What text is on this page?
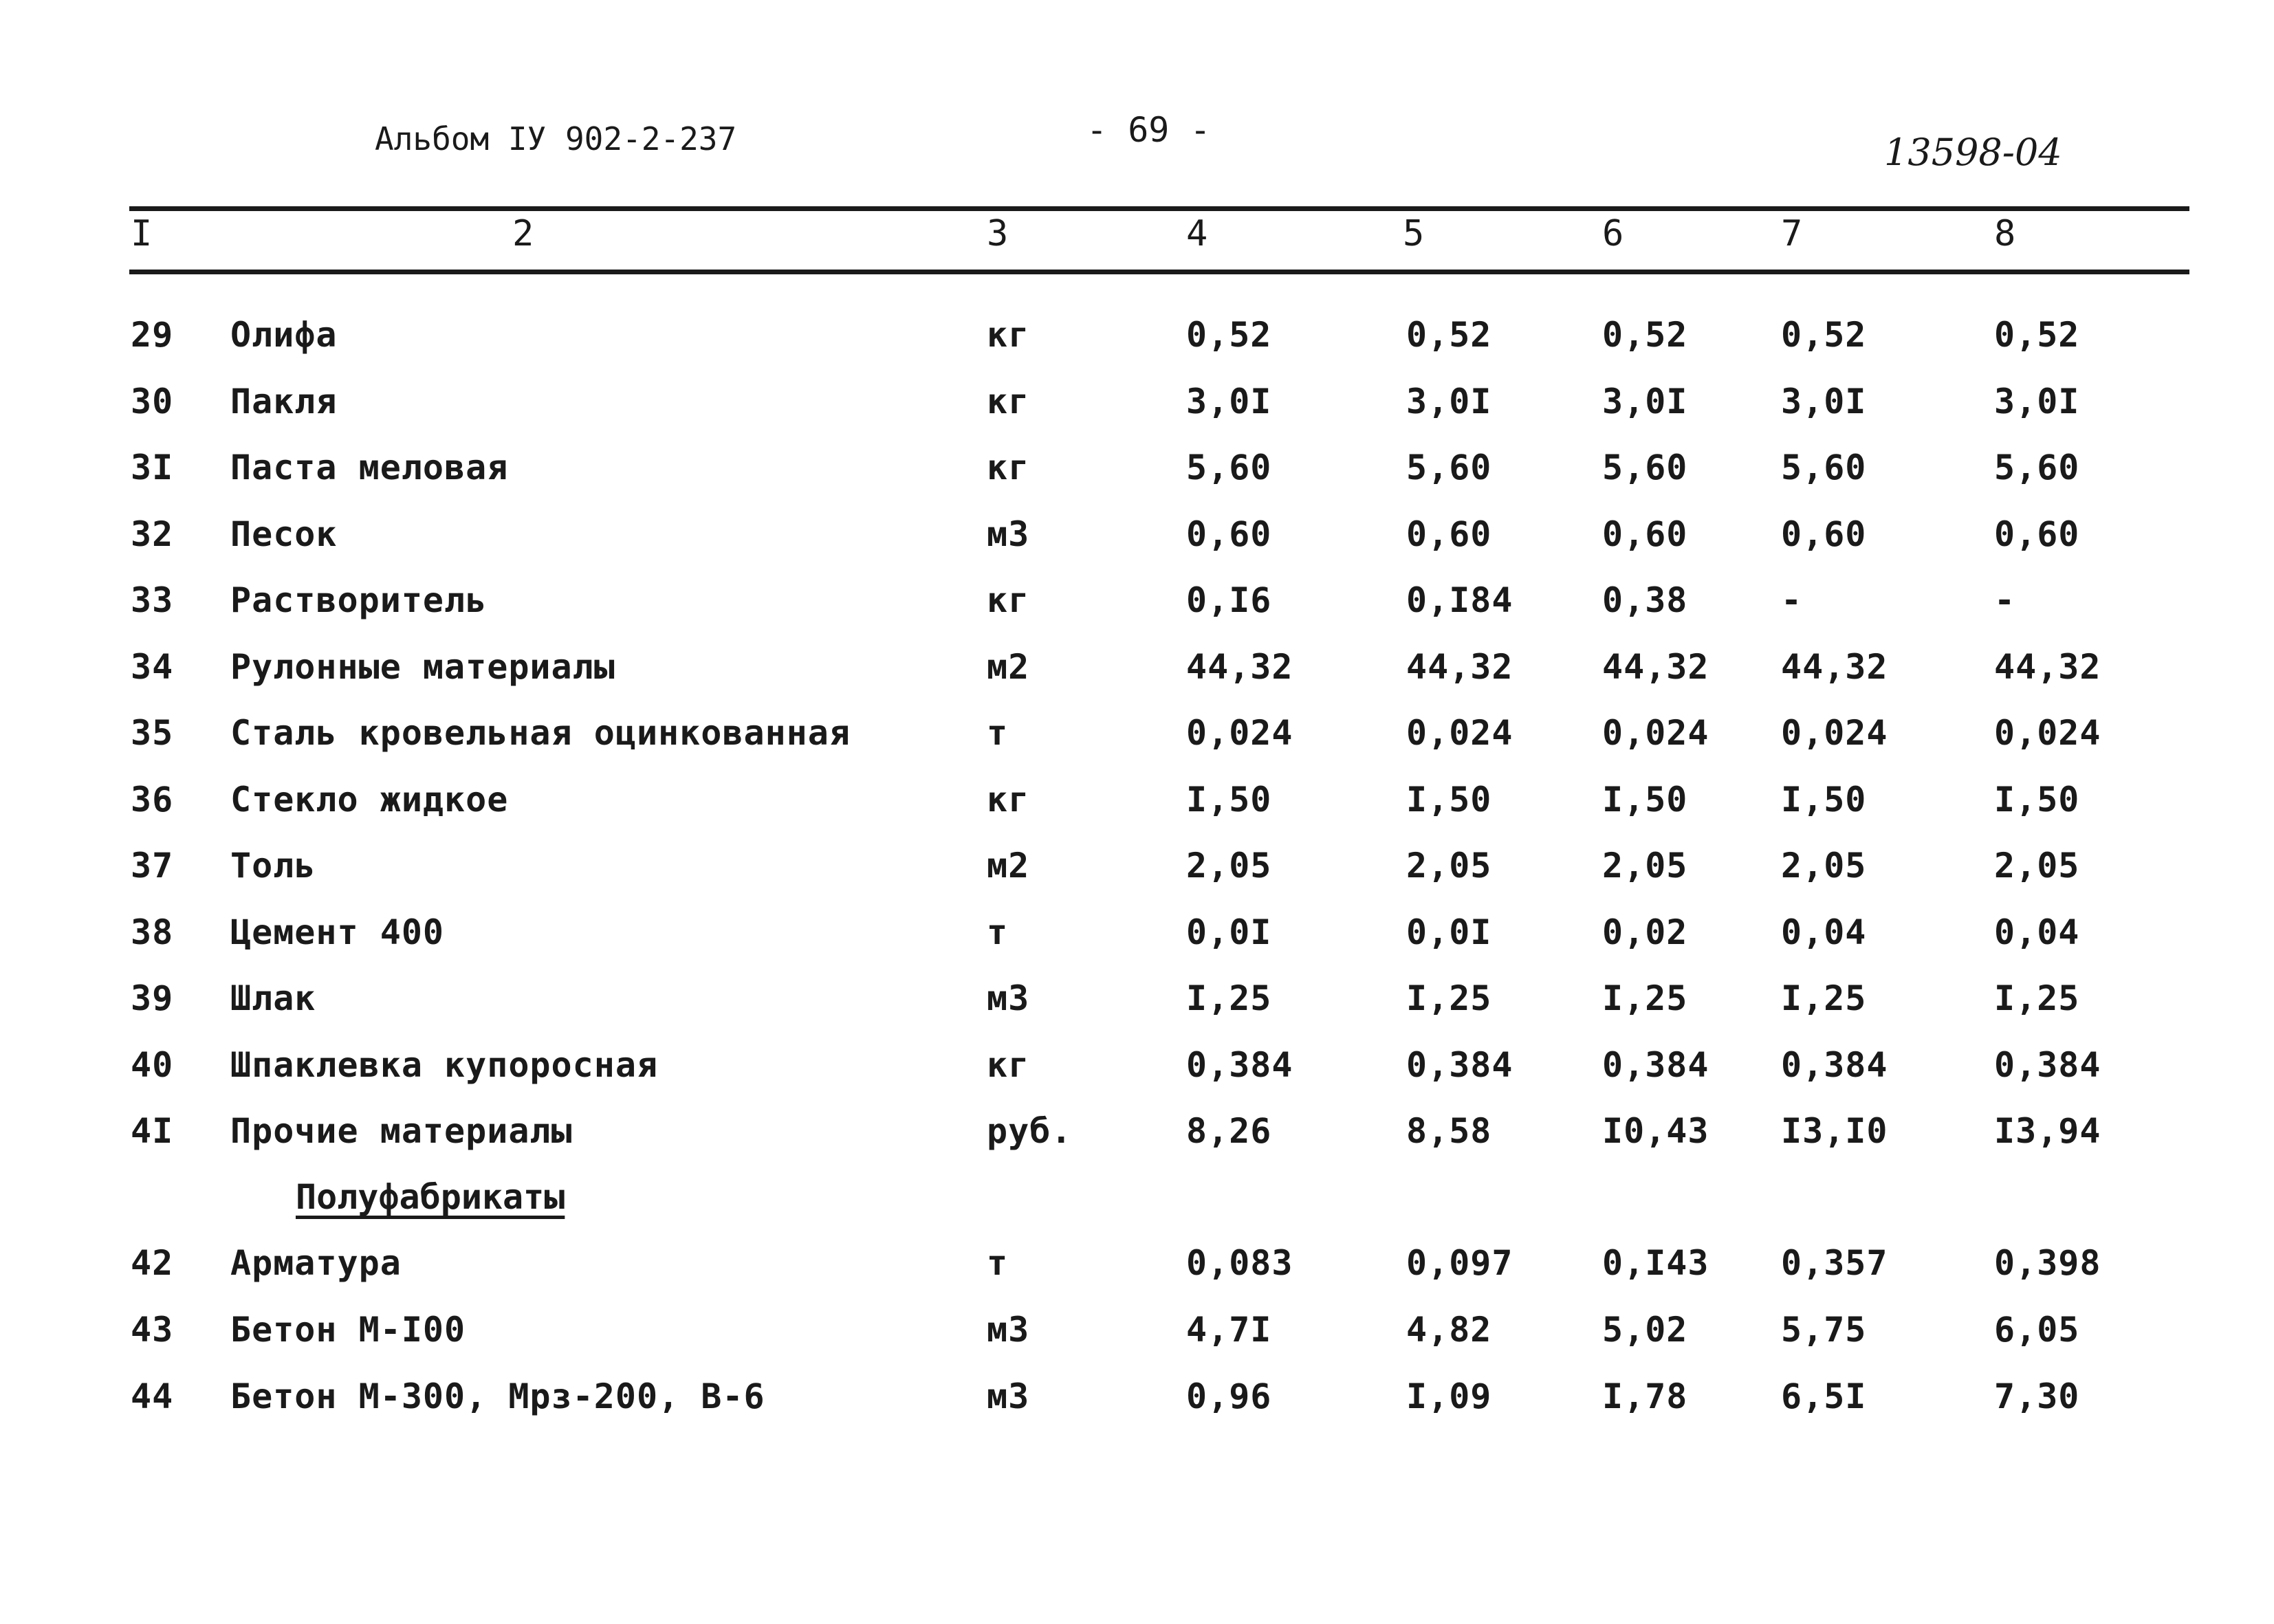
Альбом IУ 902-2-237	- 69 -
13598-04
I	2	3	4	5	6	7	8
29 Олифа	кг	0,52	0,52	0,52	0,52	0,52
30 Пакля	кг	3,0I	3,0I	3,0I	3,0I	3,0I
3I Паста меловая	кг	5,60	5,60	5,60	5,60	5,60
32 Песок	м3	0,60	0,60	0,60	0,60	0,60
33 Растворитель	кг	0,I6	0,I84	0,38	-	-
34 Рулонные материалы	м2	44,32	44,32	44,32 44,32	44,32
35 Сталь кровельная оцинкованная	т	0,024	0,024	0,024 0,024	0,024
36 Стекло жидкое	кг	I,50	I,50	I,50	I,50	I,50
37 Толь	м2	2,05	2,05	2,05	2,05	2,05
38 Цемент 400	т	0,0I	0,0I	0,02	0,04	0,04
39 Шлак	м3	I,25	I,25	I,25	I,25	I,25
40 Шпаклевка купоросная	кг	0,384	0,384	0,384 0,384	0,384
4I Прочие материалы	руб.	8,26	8,58	I0,43 I3,I0	I3,94
Полуфабрикаты
42 Арматура	т	0,083	0,097	0,I43 0,357	0,398
43 Бетон М-I00	м3	4,7I	4,82	5,02	5,75	6,05
44 Бетон М-300, Мрз-200, В-6	м3	0,96	I,09	I,78	6,5I	7,30
